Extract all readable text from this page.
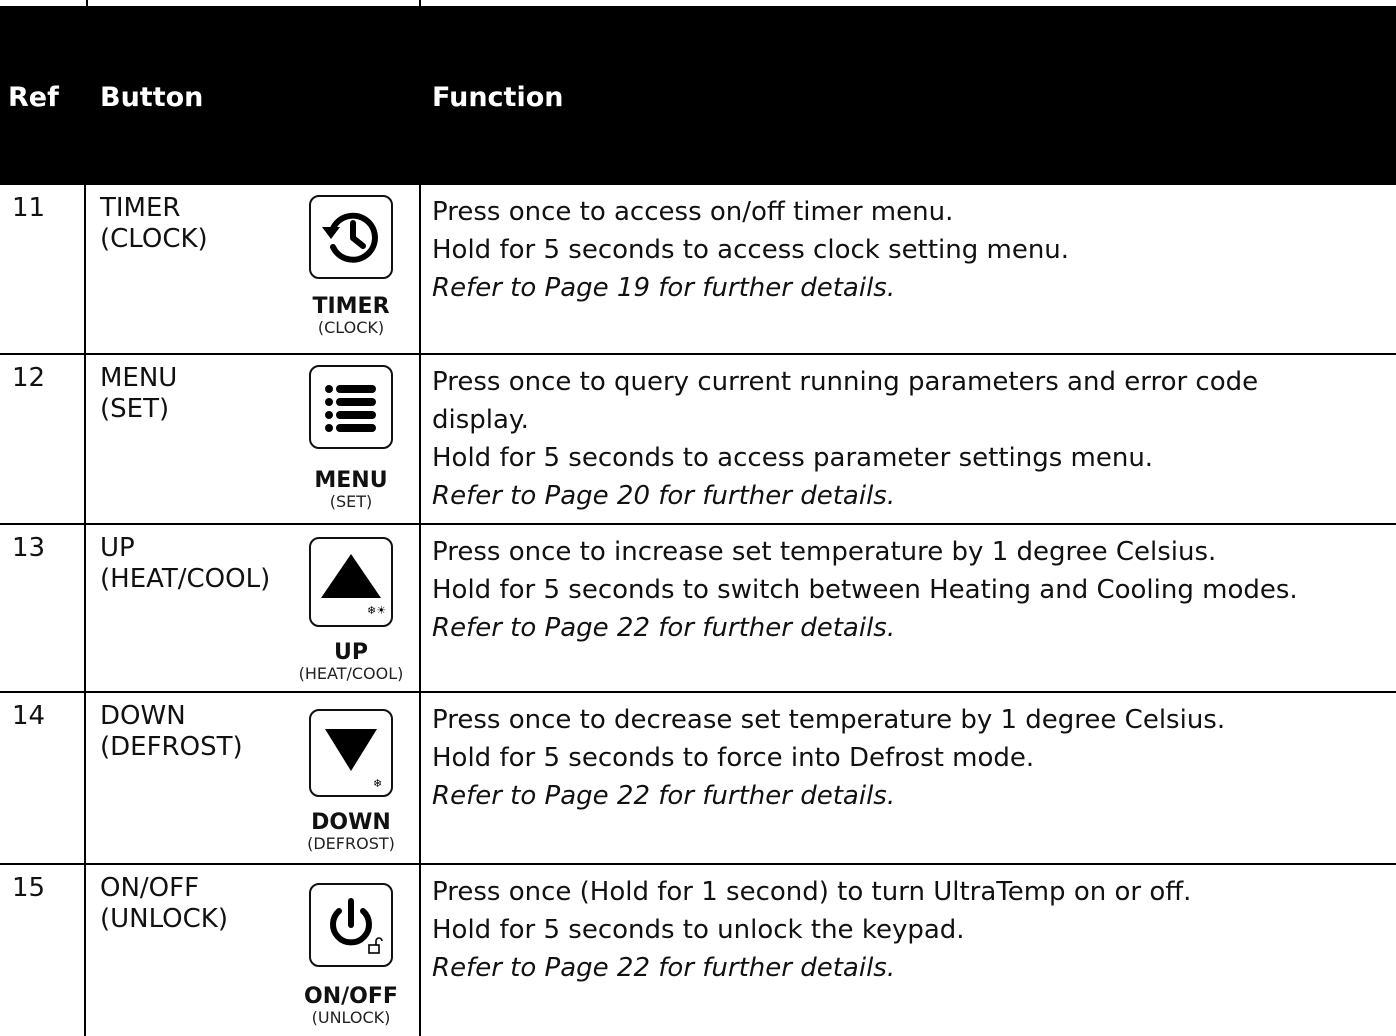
Ref Button	Function
11 TIMER
(CLOCK)
TIMER
(CLOCK)
Press once to access on/off timer menu.
Hold for 5 seconds to access clock setting menu.
Refer to Page 19 for further details.
12 MENU
(SET)
MENU
(SET)
Press once to query current running parameters and error code display.
Hold for 5 seconds to access parameter settings menu.
Refer to Page 20 for further details.
13 UP
(HEAT/COOL)
❄☀
UP
(HEAT/COOL)
Press once to increase set temperature by 1 degree Celsius.
Hold for 5 seconds to switch between Heating and Cooling modes.
Refer to Page 22 for further details.
14 DOWN
(DEFROST)
❄
DOWN
(DEFROST)
Press once to decrease set temperature by 1 degree Celsius.
Hold for 5 seconds to force into Defrost mode.
Refer to Page 22 for further details.
15 ON/OFF
(UNLOCK)
ON/OFF
(UNLOCK)
Press once (Hold for 1 second) to turn UltraTemp on or off.
Hold for 5 seconds to unlock the keypad.
Refer to Page 22 for further details.
